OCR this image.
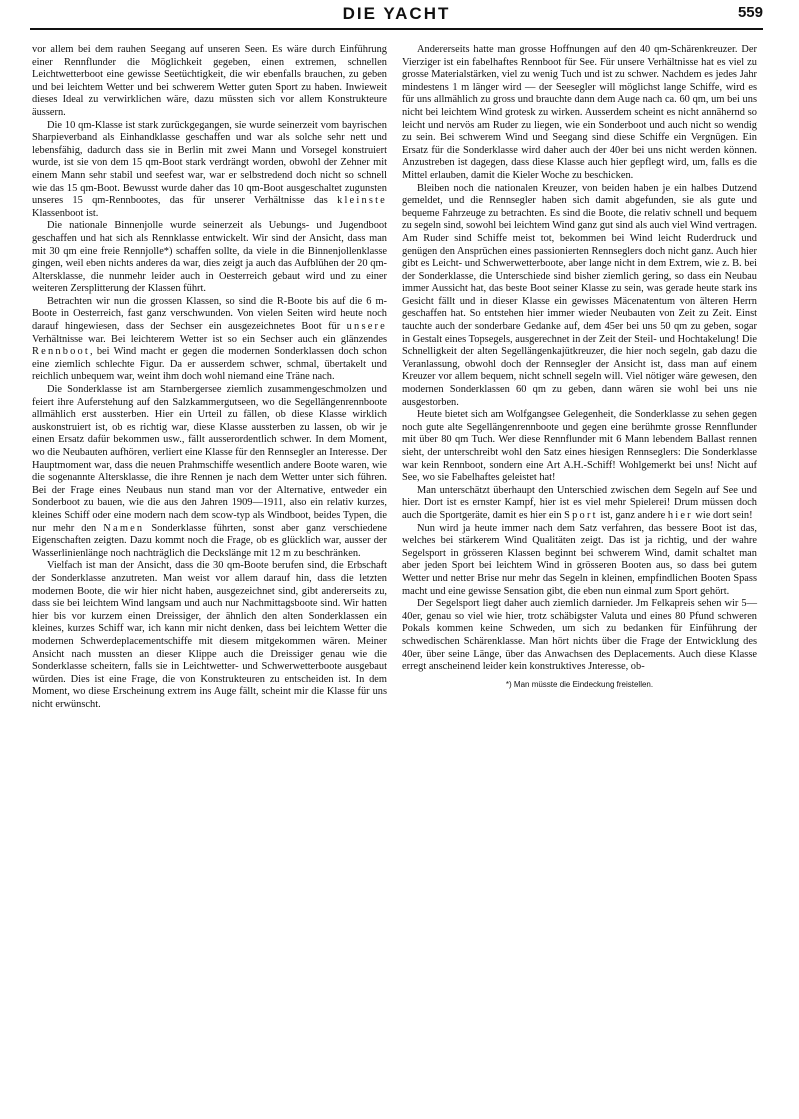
DIE YACHT	559

vor allem bei dem rauhen Seegang auf unseren Seen. Es wäre durch Einführung einer Rennflunder die Möglichkeit gegeben, einen extremen, schnellen Leichtwetterboot eine gewisse Seetüchtigkeit, die wir ebenfalls brauchen, zu geben und bei leichtem Wetter und bei schwerem Wetter guten Sport zu haben. Inwieweit dieses Ideal zu verwirklichen wäre, dazu müssten sich vor allem Konstrukteure äussern.

Die 10 qm-Klasse ist stark zurückgegangen, sie wurde seinerzeit vom bayrischen Sharpieverband als Einhandklasse geschaffen und war als solche sehr nett und lebensfähig, dadurch dass sie in Berlin mit zwei Mann und Vorsegel konstruiert wurde, ist sie von dem 15 qm-Boot stark verdrängt worden, obwohl der Zehner mit einem Mann sehr stabil und seefest war, war er selbstredend doch nicht so schnell wie das 15 qm-Boot. Bewusst wurde daher das 10 qm-Boot ausgeschaltet zugunsten unseres 15 qm-Rennbootes, das für unserer Verhältnisse das kleinste Klassenboot ist.

Die nationale Binnenjolle wurde seinerzeit als Uebungs- und Jugendboot geschaffen und hat sich als Rennklasse entwickelt. Wir sind der Ansicht, dass man mit 30 qm eine freie Rennjolle*) schaffen sollte, da viele in die Binnenjollenklasse gingen, weil eben nichts anderes da war, dies zeigt ja auch das Aufblühen der 20 qm-Altersklasse, die nunmehr leider auch in Oesterreich gebaut wird und zu einer weiteren Zersplitterung der Klassen führt.

Betrachten wir nun die grossen Klassen, so sind die R-Boote bis auf die 6 m-Boote in Oesterreich, fast ganz verschwunden. Von vielen Seiten wird heute noch darauf hingewiesen, dass der Sechser ein ausgezeichnetes Boot für unsere Verhältnisse war. Bei leichterem Wetter ist so ein Sechser auch ein glänzendes Rennboot, bei Wind macht er gegen die modernen Sonderklassen doch schon eine ziemlich schlechte Figur. Da er ausserdem schwer, schmal, übertakelt und reichlich unbequem war, weint ihm doch wohl niemand eine Träne nach.

Die Sonderklasse ist am Starnbergersee ziemlich zusammengeschmolzen und feiert ihre Auferstehung auf den Salzkammergutseen, wo die Segellängenrennboote allmählich erst aussterben. Hier ein Urteil zu fällen, ob diese Klasse wirklich auskonstruiert ist, ob es richtig war, diese Klasse aussterben zu lassen, ob wir je einen Ersatz dafür bekommen usw., fällt ausserordentlich schwer. In dem Moment, wo die Neubauten aufhören, verliert eine Klasse für den Rennsegler an Interesse. Der Hauptmoment war, dass die neuen Prahmschiffe wesentlich andere Boote waren, wie die sogenannte Altersklasse, die ihre Rennen je nach dem Wetter unter sich führen. Bei der Frage eines Neubaus nun stand man vor der Alternative, entweder ein Sonderboot zu bauen, wie die aus den Jahren 1909—1911, also ein relativ kurzes, kleines Schiff oder eine modern nach dem scow-typ als Windboot, beides Typen, die nur mehr den Namen Sonderklasse führten, sonst aber ganz verschiedene Eigenschaften zeigten. Dazu kommt noch die Frage, ob es glücklich war, ausser der Wasserlinienlänge noch nachträglich die Deckslänge mit 12 m zu beschränken.

Vielfach ist man der Ansicht, dass die 30 qm-Boote berufen sind, die Erbschaft der Sonderklasse anzutreten. Man weist vor allem darauf hin, dass die letzten modernen Boote, die wir hier nicht haben, ausgezeichnet sind, gibt andererseits zu, dass sie bei leichtem Wind langsam und auch nur Nachmittagsboote sind. Wir hatten hier bis vor kurzem einen Dreissiger, der ähnlich den alten Sonderklassen ein kleines, kurzes Schiff war, ich kann mir nicht denken, dass bei leichtem Wetter die modernen Schwerdeplacementschiffe mit diesem mitgekommen wären. Meiner Ansicht nach mussten an dieser Klippe auch die Dreissiger genau wie die Sonderklasse scheitern, falls sie in Leichtwetter- und Schwerwetterboote ausgebaut würden. Dies ist eine Frage, die von Konstrukteuren zu entscheiden ist. In dem Moment, wo diese Erscheinung extrem ins Auge fällt, scheint mir die Klasse für uns nicht erwünscht.

Andererseits hatte man grosse Hoffnungen auf den 40 qm-Schärenkreuzer. Der Vierziger ist ein fabelhaftes Rennboot für See. Für unsere Verhältnisse hat es viel zu grosse Materialstärken, viel zu wenig Tuch und ist zu schwer. Nachdem es jedes Jahr mindestens 1 m länger wird — der Seesegler will möglichst lange Schiffe, wird es für uns allmählich zu gross und brauchte dann dem Auge nach ca. 60 qm, um bei uns nicht bei leichtem Wind grotesk zu wirken. Ausserdem scheint es nicht annähernd so leicht und nervös am Ruder zu liegen, wie ein Sonderboot und auch nicht so wendig zu sein. Bei schwerem Wind und Seegang sind diese Schiffe ein Vergnügen. Ein Ersatz für die Sonderklasse wird daher auch der 40er bei uns nicht werden können. Anzustreben ist dagegen, dass diese Klasse auch hier gepflegt wird, um, falls es die Mittel erlauben, damit die Kieler Woche zu beschicken.

Bleiben noch die nationalen Kreuzer, von beiden haben je ein halbes Dutzend gemeldet, und die Rennsegler haben sich damit abgefunden, sie als gute und bequeme Fahrzeuge zu betrachten. Es sind die Boote, die relativ schnell und bequem zu segeln sind, sowohl bei leichtem Wind ganz gut sind als auch viel Wind vertragen. Am Ruder sind Schiffe meist tot, bekommen bei Wind leicht Ruderdruck und genügen den Ansprüchen eines passionierten Rennseglers doch nicht ganz. Auch hier gibt es Leicht- und Schwerwetterboote, aber lange nicht in dem Extrem, wie z. B. bei der Sonderklasse, die Unterschiede sind bisher ziemlich gering, so dass ein Neubau immer Aussicht hat, das beste Boot seiner Klasse zu sein, was gerade heute stark ins Gesicht fällt und in dieser Klasse ein gewisses Mäcenatentum von älteren Herrn geschaffen hat. So entstehen hier immer wieder Neubauten von Zeit zu Zeit. Einst tauchte auch der sonderbare Gedanke auf, dem 45er bei uns 50 qm zu geben, sogar in Gestalt eines Topsegels, ausgerechnet in der Zeit der Steil- und Hochtakelung! Die Schnelligkeit der alten Segellängenkajütkreuzer, die hier noch segeln, gab dazu die Veranlassung, obwohl doch der Rennsegler der Ansicht ist, dass man auf einem Kreuzer vor allem bequem, nicht schnell segeln will. Viel nötiger wäre gewesen, den modernen Sonderklassen 60 qm zu geben, dann wären sie wohl bei uns nie ausgestorben.

Heute bietet sich am Wolfgangsee Gelegenheit, die Sonderklasse zu sehen gegen noch gute alte Segellängenrennboote und gegen eine berühmte grosse Rennflunder mit über 80 qm Tuch. Wer diese Rennflunder mit 6 Mann lebendem Ballast rennen sieht, der unterschreibt wohl den Satz eines hiesigen Rennseglers: Die Sonderklasse war kein Rennboot, sondern eine Art A.H.-Schiff! Wohlgemerkt bei uns! Nicht auf See, wo sie Fabelhaftes geleistet hat!

Man unterschätzt überhaupt den Unterschied zwischen dem Segeln auf See und hier. Dort ist es ernster Kampf, hier ist es viel mehr Spielerei! Drum müssen doch auch die Sportgeräte, damit es hier ein Sport ist, ganz andere hier wie dort sein!

Nun wird ja heute immer nach dem Satz verfahren, das bessere Boot ist das, welches bei stärkerem Wind Qualitäten zeigt. Das ist ja richtig, und der wahre Segelsport in grösseren Klassen beginnt bei schwerem Wind, damit schaltet man aber jeden Sport bei leichtem Wind in grösseren Booten aus, so dass bei gutem Wetter und netter Brise nur mehr das Segeln in kleinen, empfindlichen Booten Spass macht und eine gewisse Sensation gibt, die eben nun einmal zum Sport gehört.

Der Segelsport liegt daher auch ziemlich darnieder. Jm Felkapreis sehen wir 5—40er, genau so viel wie hier, trotz schäbigster Valuta und eines 80 Pfund schweren Pokals kommen keine Schweden, um sich zu bedanken für Einführung der schwedischen Schärenklasse. Man hört nichts über die Frage der Entwicklung des 40er, über seine Länge, über das Anwachsen des Deplacements. Auch diese Klasse erregt anscheinend leider kein konstruktives Jnteresse, ob-

*) Man müsste die Eindeckung freistellen.
